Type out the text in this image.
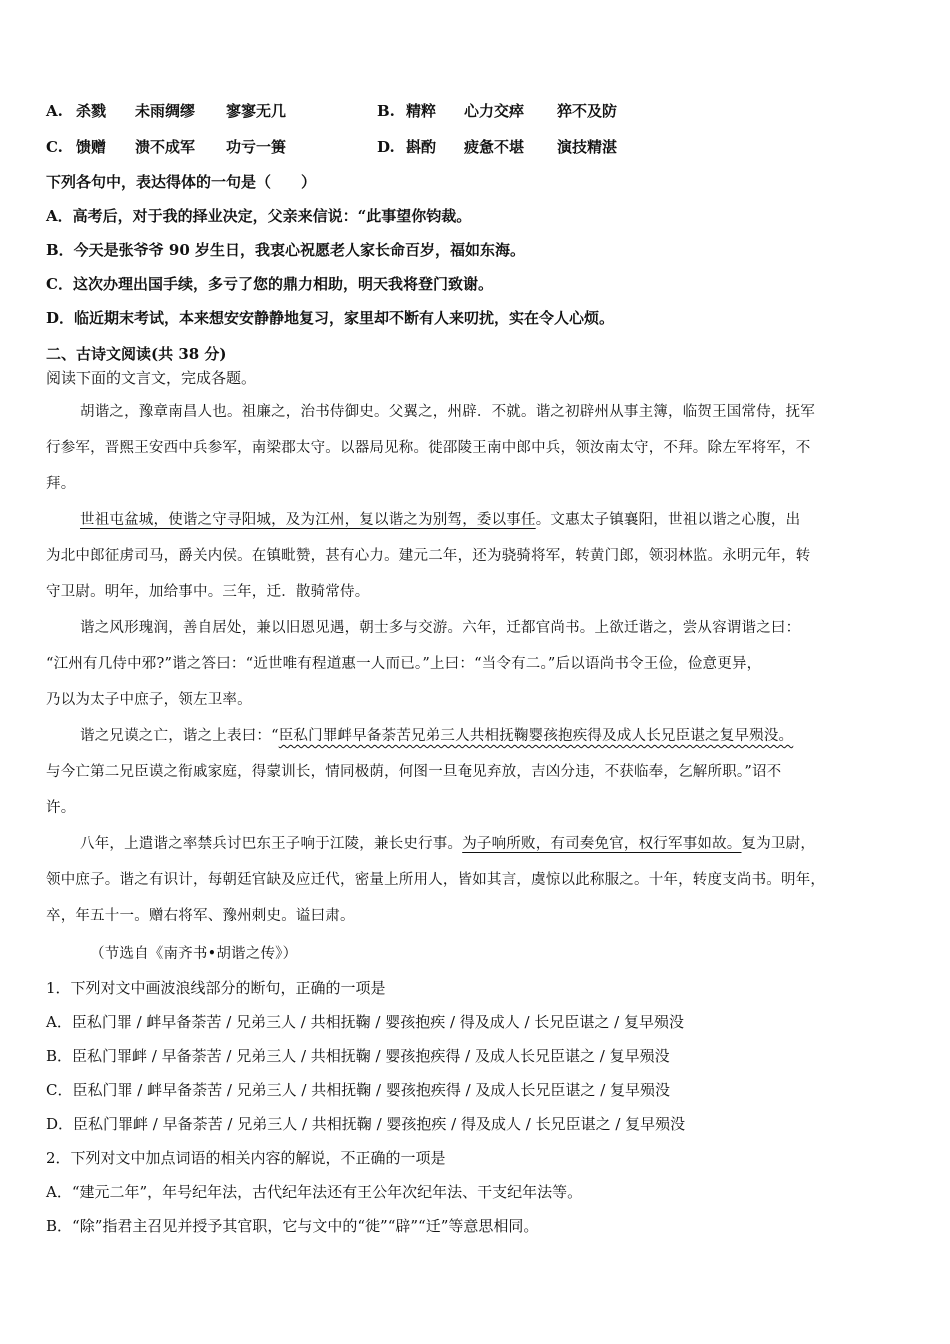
A. 杀戮 未雨绸缪 寥寥无几	B. 精粹 心力交瘁 猝不及防
C. 馈赠 溃不成军 功亏一篑	D. 斟酌 疲惫不堪 演技精湛
下列各句中，表达得体的一句是（　　）
A．高考后，对于我的择业决定，父亲来信说：“此事望你钧裁。
B．今天是张爷爷 90 岁生日，我衷心祝愿老人家长命百岁，福如东海。
C．这次办理出国手续，多亏了您的鼎力相助，明天我将登门致谢。
D．临近期末考试，本来想安安静静地复习，家里却不断有人来叨扰，实在令人心烦。
二、古诗文阅读(共 38 分)
阅读下面的文言文，完成各题。
胡谐之，豫章南昌人也。祖廉之，治书侍御史。父翼之，州辟．不就。谐之初辟州从事主簿，临贺王国常侍，抚军
行参军，晋熙王安西中兵参军，南梁郡太守。以器局见称。徙邵陵王南中郎中兵，领汝南太守，不拜。除左军将军，不
拜。
世祖屯盆城，使谐之守寻阳城，及为江州，复以谐之为别驾，委以事任。文惠太子镇襄阳，世祖以谐之心腹，出
为北中郎征虏司马，爵关内侯。在镇毗赞，甚有心力。建元二年，还为骁骑将军，转黄门郎，领羽林监。永明元年，转
守卫尉。明年，加给事中。三年，迁．散骑常侍。
谐之风形瑰润，善自居处，兼以旧恩见遇，朝士多与交游。六年，迁都官尚书。上欲迁谐之，尝从容谓谐之曰：
“江州有几侍中邪?”谐之答曰：“近世唯有程道惠一人而已。”上曰：“当令有二。”后以语尚书令王俭，俭意更异，
乃以为太子中庶子，领左卫率。
谐之兄谟之亡，谐之上表曰：“臣私门罪衅早备荼苦兄弟三人共相抚鞠婴孩抱疾得及成人长兄臣谌之复早殒没。
与今亡第二兄臣谟之衔戚家庭，得蒙训长，情同极荫，何图一旦奄见弃放，吉凶分违，不获临奉，乞解所职。”诏不
许。
八年，上遣谐之率禁兵讨巴东王子响于江陵，兼长史行事。为子响所败，有司奏免官，权行军事如故。复为卫尉，
领中庶子。谐之有识计，每朝廷官缺及应迁代，密量上所用人，皆如其言，虞惊以此称服之。十年，转度支尚书。明年，
卒，年五十一。赠右将军、豫州刺史。谥曰肃。
（节选自《南齐书•胡谐之传》）
1．下列对文中画波浪线部分的断句，正确的一项是
A．臣私门罪 / 衅早备荼苦 / 兄弟三人 / 共相抚鞠 / 婴孩抱疾 / 得及成人 / 长兄臣谌之 / 复早殒没
B．臣私门罪衅 / 早备荼苦 / 兄弟三人 / 共相抚鞠 / 婴孩抱疾得 / 及成人长兄臣谌之 / 复早殒没
C．臣私门罪 / 衅早备荼苦 / 兄弟三人 / 共相抚鞠 / 婴孩抱疾得 / 及成人长兄臣谌之 / 复早殒没
D．臣私门罪衅 / 早备荼苦 / 兄弟三人 / 共相抚鞠 / 婴孩抱疾 / 得及成人 / 长兄臣谌之 / 复早殒没
2．下列对文中加点词语的相关内容的解说，不正确的一项是
A．“建元二年”，年号纪年法，古代纪年法还有王公年次纪年法、干支纪年法等。
B．“除”指君主召见并授予其官职，它与文中的“徙”“辟”“迁”等意思相同。
